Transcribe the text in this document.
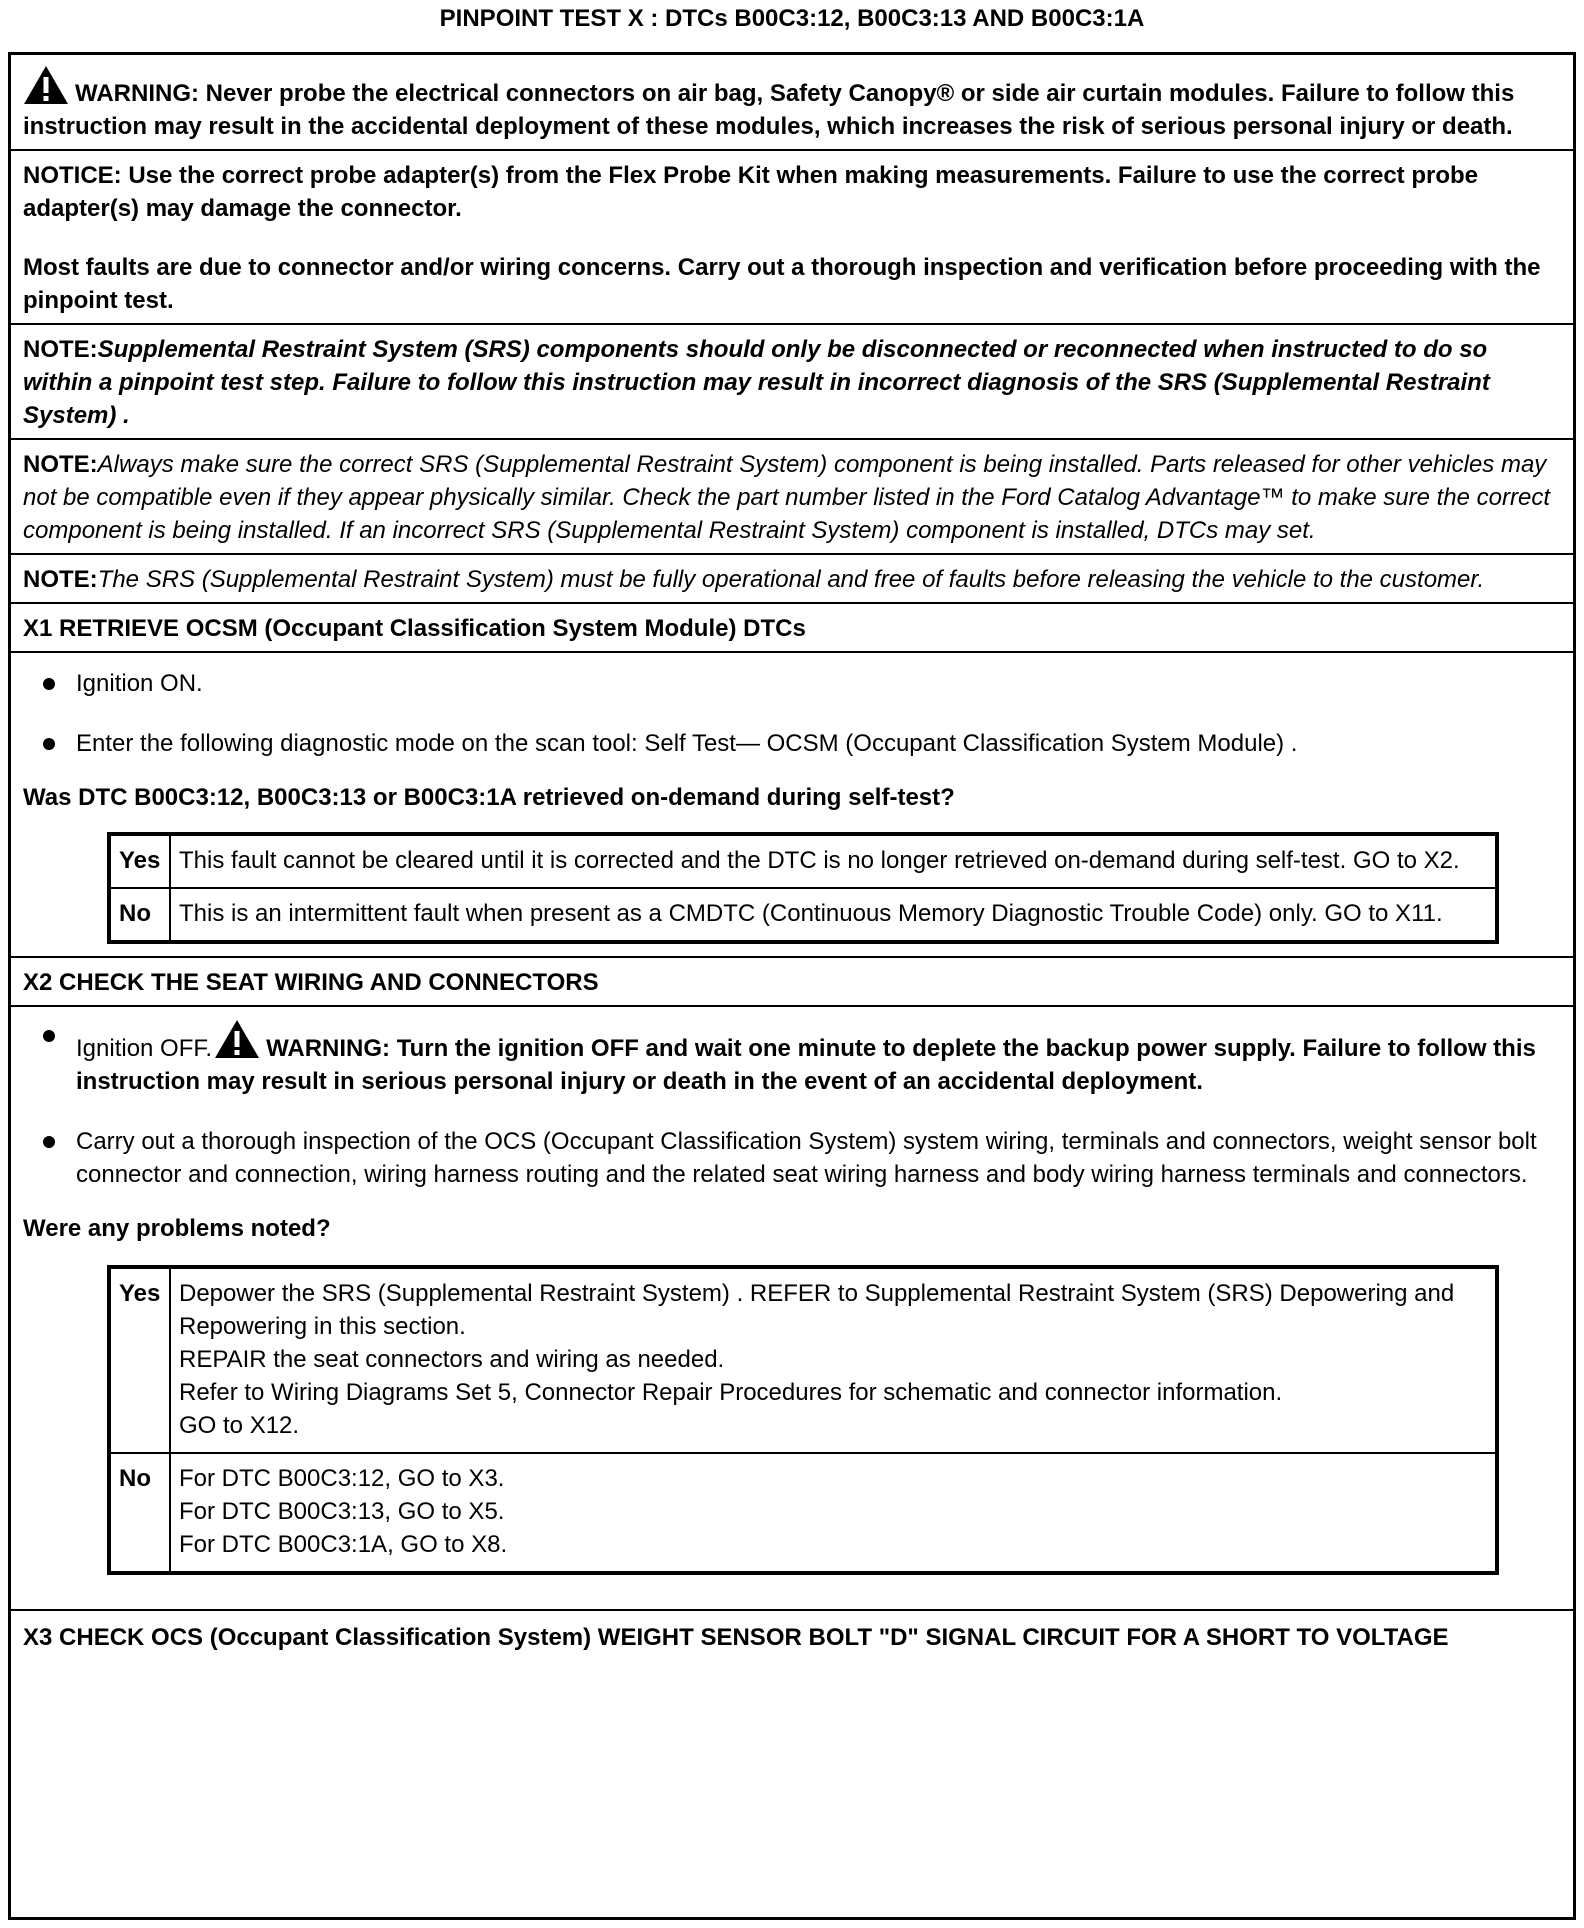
PINPOINT TEST X : DTCs B00C3:12, B00C3:13 AND B00C3:1A

WARNING: Never probe the electrical connectors on air bag, Safety Canopy® or side air curtain modules. Failure to follow this instruction may result in the accidental deployment of these modules, which increases the risk of serious personal injury or death.

NOTICE: Use the correct probe adapter(s) from the Flex Probe Kit when making measurements. Failure to use the correct probe adapter(s) may damage the connector.

Most faults are due to connector and/or wiring concerns. Carry out a thorough inspection and verification before proceeding with the pinpoint test.

NOTE:Supplemental Restraint System (SRS) components should only be disconnected or reconnected when instructed to do so within a pinpoint test step. Failure to follow this instruction may result in incorrect diagnosis of the SRS (Supplemental Restraint System) .

NOTE:Always make sure the correct SRS (Supplemental Restraint System) component is being installed. Parts released for other vehicles may not be compatible even if they appear physically similar. Check the part number listed in the Ford Catalog Advantage™ to make sure the correct component is being installed. If an incorrect SRS (Supplemental Restraint System) component is installed, DTCs may set.

NOTE:The SRS (Supplemental Restraint System) must be fully operational and free of faults before releasing the vehicle to the customer.

X1 RETRIEVE OCSM (Occupant Classification System Module) DTCs
Ignition ON.
Enter the following diagnostic mode on the scan tool: Self Test— OCSM (Occupant Classification System Module) .

Was DTC B00C3:12, B00C3:13 or B00C3:1A retrieved on-demand during self-test?

Yes	This fault cannot be cleared until it is corrected and the DTC is no longer retrieved on-demand during self-test. GO to X2.
No	This is an intermittent fault when present as a CMDTC (Continuous Memory Diagnostic Trouble Code) only. GO to X11.
X2 CHECK THE SEAT WIRING AND CONNECTORS
Ignition OFF. WARNING: Turn the ignition OFF and wait one minute to deplete the backup power supply. Failure to follow this instruction may result in serious personal injury or death in the event of an accidental deployment.
Carry out a thorough inspection of the OCS (Occupant Classification System) system wiring, terminals and connectors, weight sensor bolt connector and connection, wiring harness routing and the related seat wiring harness and body wiring harness terminals and connectors.

Were any problems noted?

Yes	Depower the SRS (Supplemental Restraint System) . REFER to Supplemental Restraint System (SRS) Depowering and Repowering in this section.
REPAIR the seat connectors and wiring as needed.
Refer to Wiring Diagrams Set 5, Connector Repair Procedures for schematic and connector information.
GO to X12.

No	For DTC B00C3:12, GO to X3.
For DTC B00C3:13, GO to X5.
For DTC B00C3:1A, GO to X8.
X3 CHECK OCS (Occupant Classification System) WEIGHT SENSOR BOLT "D" SIGNAL CIRCUIT FOR A SHORT TO VOLTAGE
